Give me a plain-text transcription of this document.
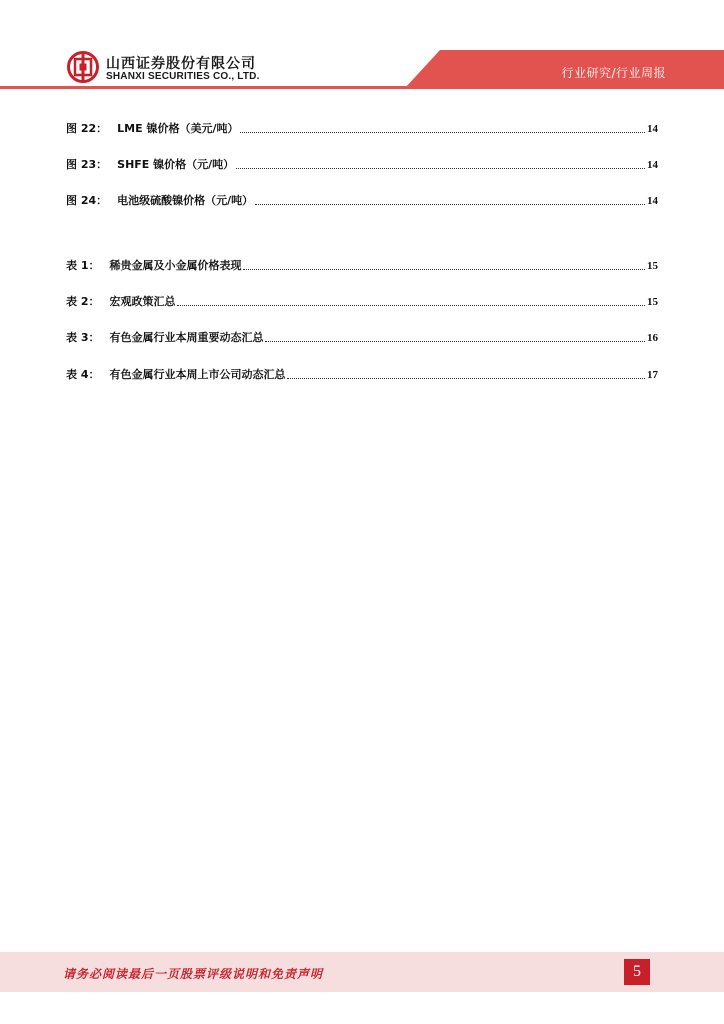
山西证券股份有限公司
SHANXI SECURITIES CO., LTD.	行业研究/行业周报
图 22： LME 镍价格（美元/吨）	14
图 23： SHFE 镍价格（元/吨）	14
图 24： 电池级硫酸镍价格（元/吨）	14
表 1： 稀贵金属及小金属价格表现	15
表 2： 宏观政策汇总	15
表 3： 有色金属行业本周重要动态汇总	16
表 4： 有色金属行业本周上市公司动态汇总	17
请务必阅读最后一页股票评级说明和免责声明	5
